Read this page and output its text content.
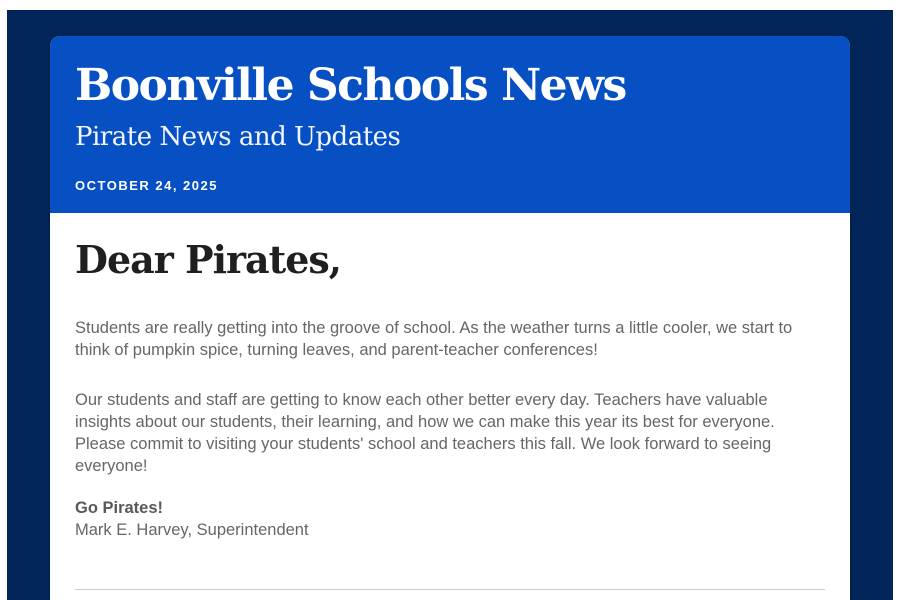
Boonville Schools News
Pirate News and Updates
OCTOBER 24, 2025
Dear Pirates,

Students are really getting into the groove of school. As the weather turns a little cooler, we start to think of pumpkin spice, turning leaves, and parent-teacher conferences!

Our students and staff are getting to know each other better every day. Teachers have valuable insights about our students, their learning, and how we can make this year its best for everyone. Please commit to visiting your students' school and teachers this fall. We look forward to seeing everyone!

Go Pirates!
Mark E. Harvey, Superintendent
